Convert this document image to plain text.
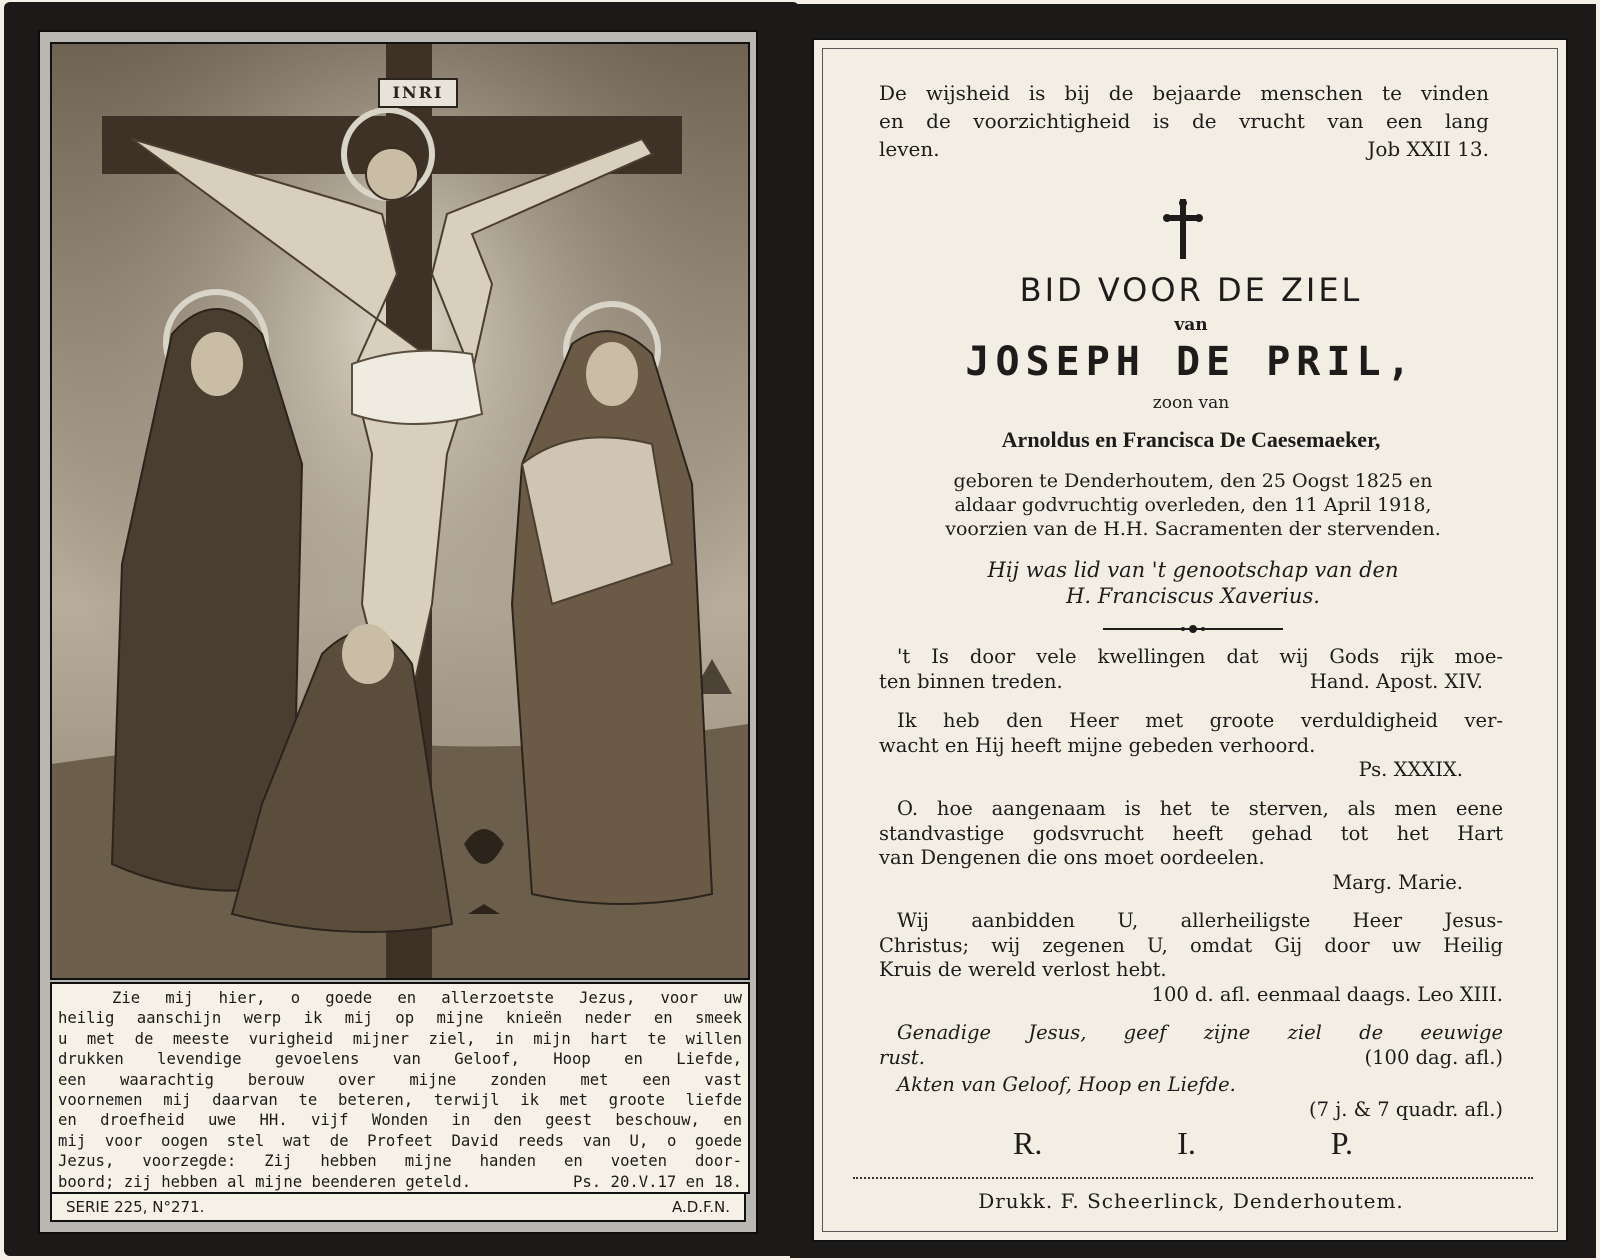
INRI
Zie mij hier, o goede en allerzoetste Jezus, voor uw
heilig aanschijn werp ik mij op mijne knieën neder en smeek
u met de meeste vurigheid mijner ziel, in mijn hart te willen
drukken levendige gevoelens van Geloof, Hoop en Liefde,
een waarachtig berouw over mijne zonden met een vast
voornemen mij daarvan te beteren, terwijl ik met groote liefde
en droefheid uwe HH. vijf Wonden in den geest beschouw, en
mij voor oogen stel wat de Profeet David reeds van U, o goede
Jezus, voorzegde: Zij hebben mijne handen en voeten door-
boord; zij hebben al mijne beenderen geteld.	Ps. 20.V.17 en 18.
SERIE 225, N°271.	A.D.F.N.
De wijsheid is bij de bejaarde menschen te vinden
en de voorzichtigheid is de vrucht van een lang
leven.	Job XXII 13.
BID VOOR DE ZIEL
van
JOSEPH DE PRIL,
zoon van
Arnoldus en Francisca De Caesemaeker,
geboren te Denderhoutem, den 25 Oogst 1825 en
aldaar godvruchtig overleden, den 11 April 1918,
voorzien van de H.H. Sacramenten der stervenden.
Hij was lid van 't genootschap van den
H. Franciscus Xaverius.
't Is door vele kwellingen dat wij Gods rijk moe-
ten binnen treden.	Hand. Apost. XIV.
Ik heb den Heer met groote verduldigheid ver-
wacht en Hij heeft mijne gebeden verhoord.
Ps. XXXIX.
O. hoe aangenaam is het te sterven, als men eene
standvastige godsvrucht heeft gehad tot het Hart
van Dengenen die ons moet oordeelen.
Marg. Marie.
Wij aanbidden U, allerheiligste Heer Jesus-
Christus; wij zegenen U, omdat Gij door uw Heilig
Kruis de wereld verlost hebt.
100 d. afl. eenmaal daags. Leo XIII.
Genadige Jesus, geef zijne ziel de eeuwige
rust.	(100 dag. afl.)
Akten van Geloof, Hoop en Liefde.
(7 j. & 7 quadr. afl.)
R.	I.	P.
Drukk. F. Scheerlinck, Denderhoutem.
